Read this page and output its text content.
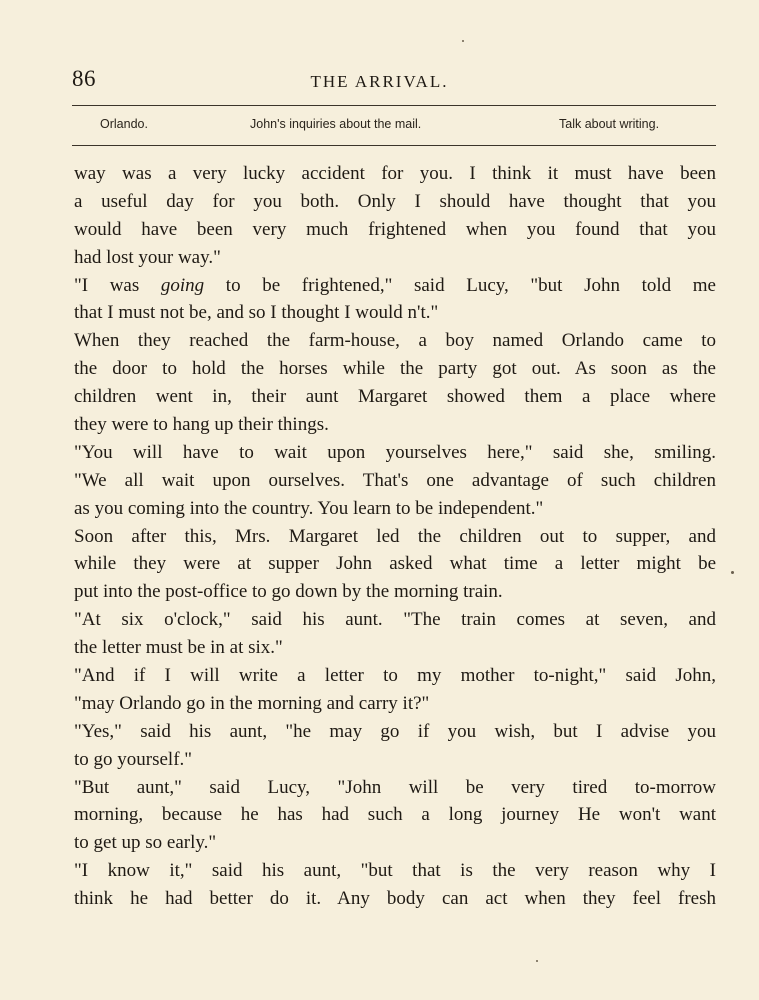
86	THE ARRIVAL.
Orlando.	John's inquiries about the mail.	Talk about writing.
way was a very lucky accident for you. I think it must have been
a useful day for you both. Only I should have thought that you
would have been very much frightened when you found that you
had lost your way."
"I was going to be frightened," said Lucy, "but John told me
that I must not be, and so I thought I would n't."
When they reached the farm-house, a boy named Orlando came to
the door to hold the horses while the party got out. As soon as the
children went in, their aunt Margaret showed them a place where
they were to hang up their things.
"You will have to wait upon yourselves here," said she, smiling.
"We all wait upon ourselves. That's one advantage of such children
as you coming into the country. You learn to be independent."
Soon after this, Mrs. Margaret led the children out to supper, and
while they were at supper John asked what time a letter might be
put into the post-office to go down by the morning train.
"At six o'clock," said his aunt. "The train comes at seven, and
the letter must be in at six."
"And if I will write a letter to my mother to-night," said John,
"may Orlando go in the morning and carry it?"
"Yes," said his aunt, "he may go if you wish, but I advise you
to go yourself."
"But aunt," said Lucy, "John will be very tired to-morrow
morning, because he has had such a long journey He won't want
to get up so early."
"I know it," said his aunt, "but that is the very reason why I
think he had better do it. Any body can act when they feel fresh
